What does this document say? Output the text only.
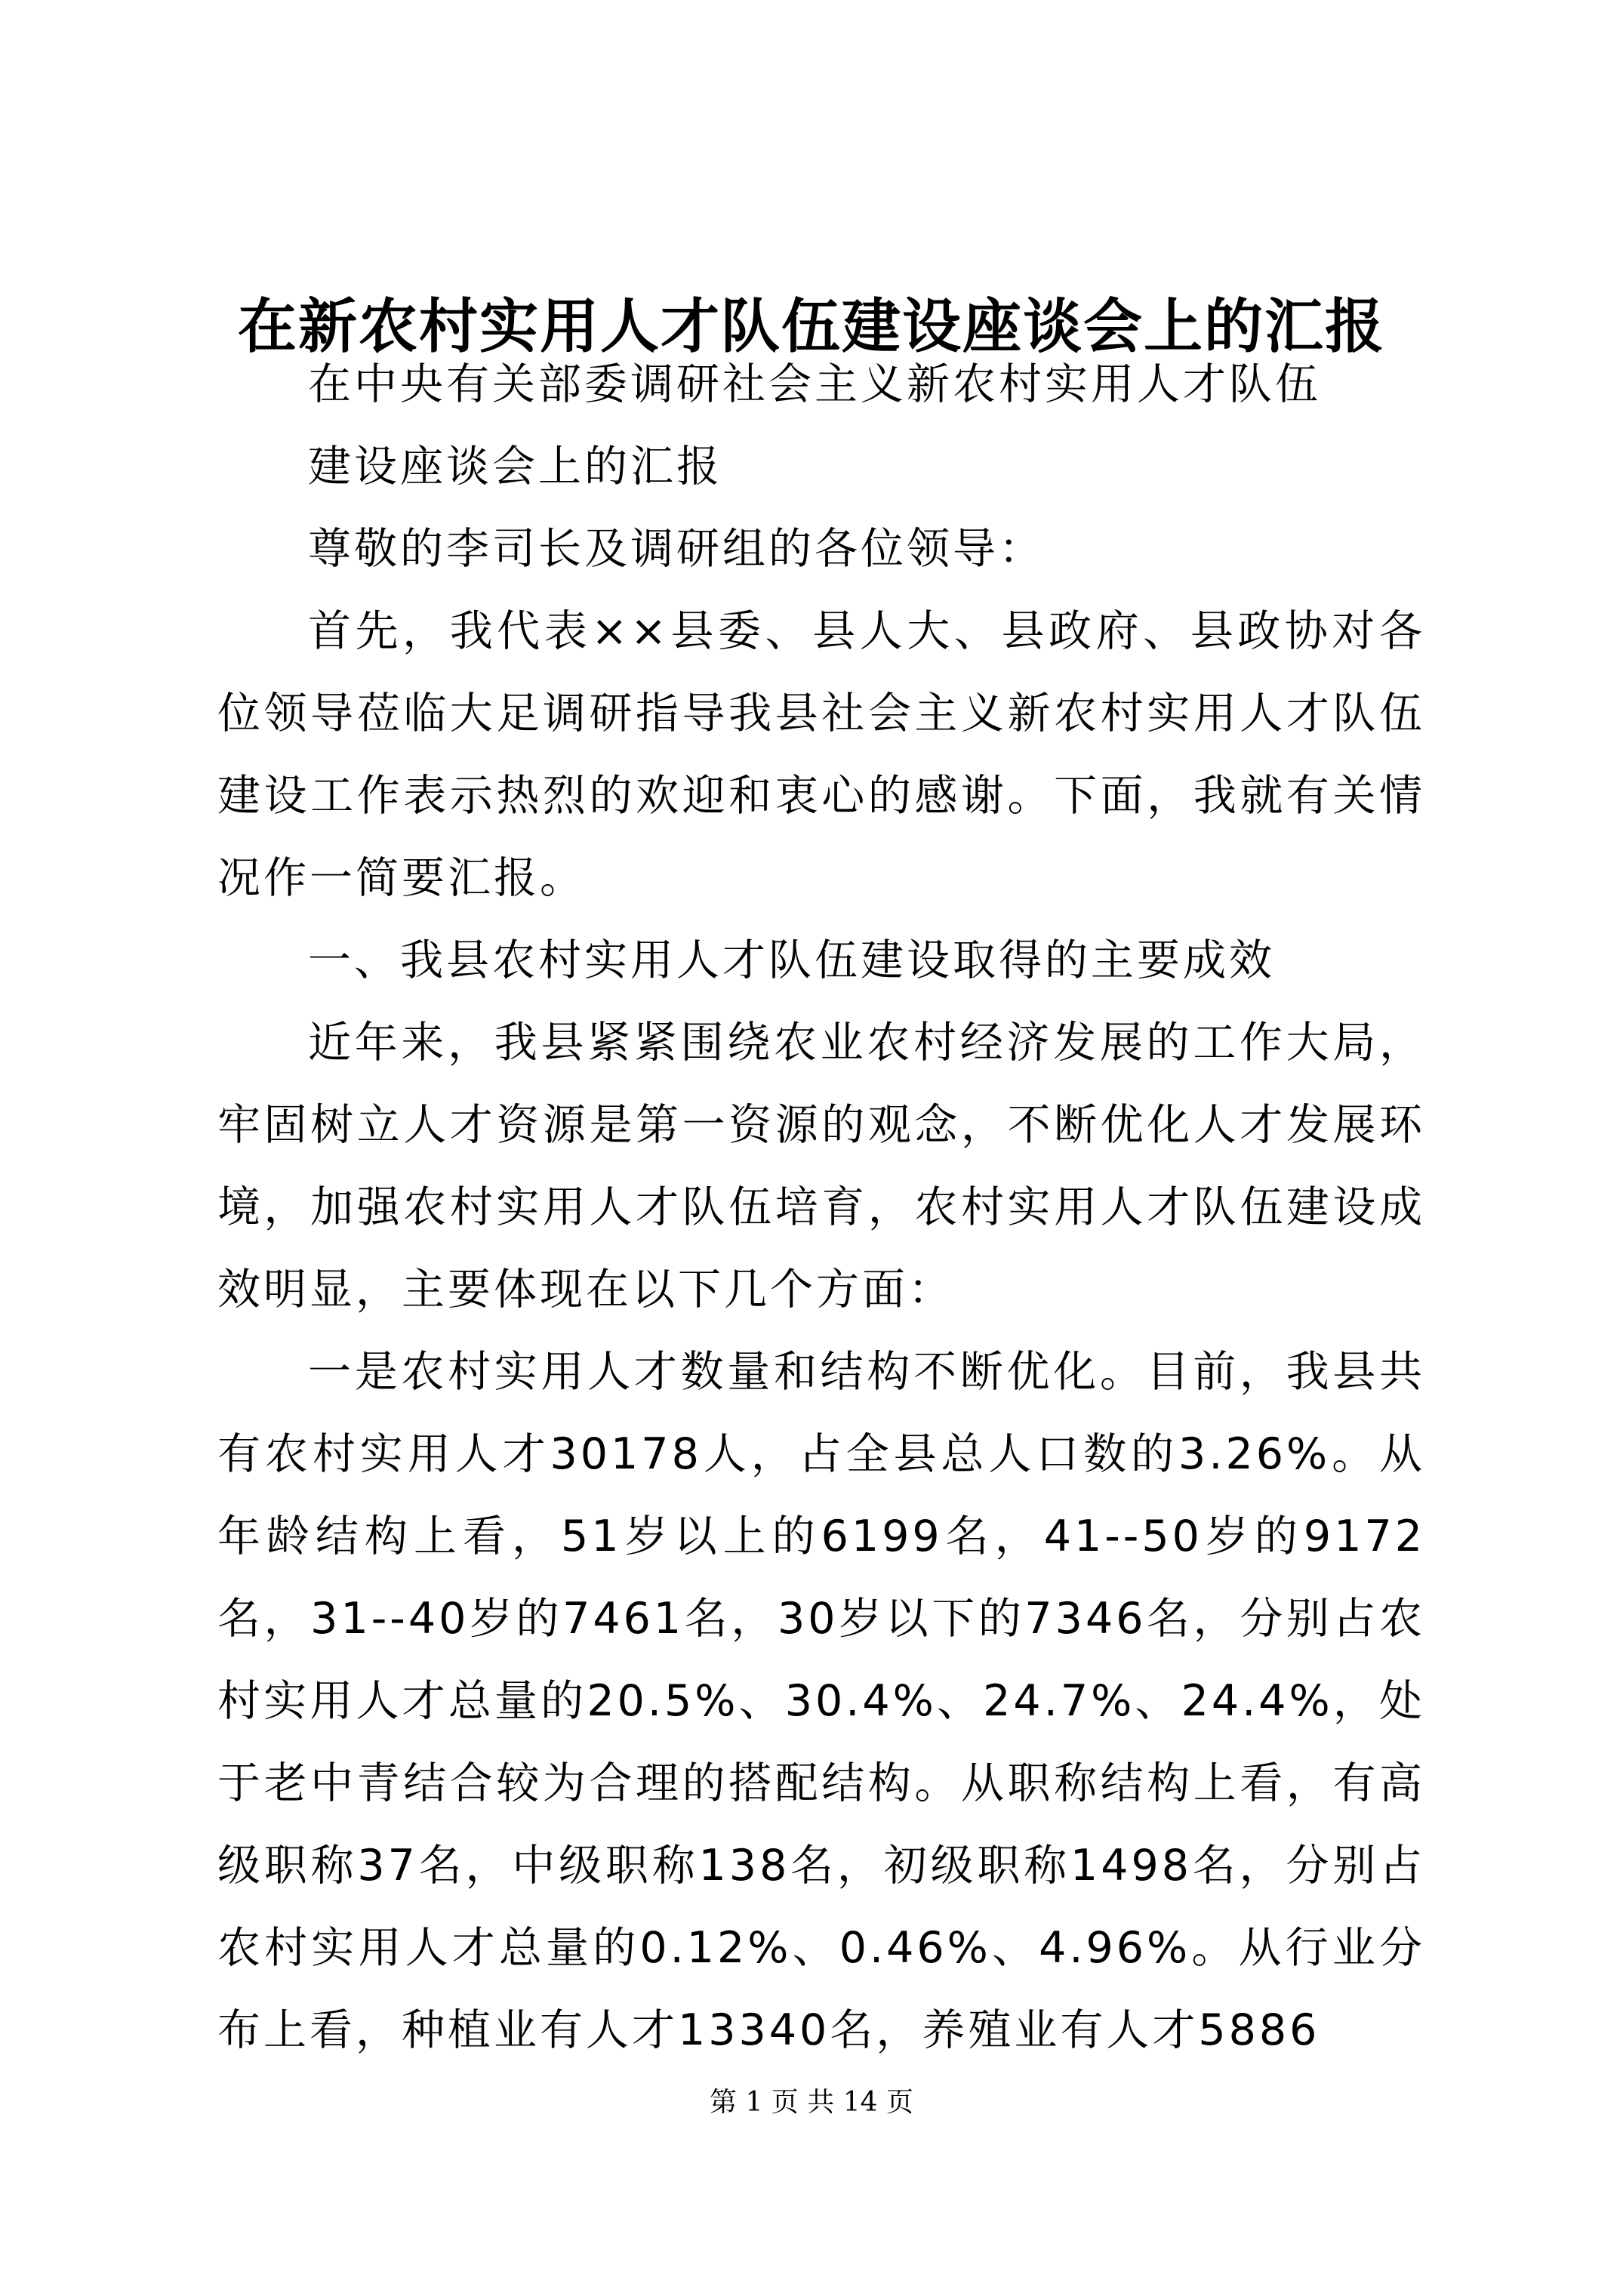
在新农村实用人才队伍建设座谈会上的汇报

在中央有关部委调研社会主义新农村实用人才队伍

建设座谈会上的汇报

尊敬的李司长及调研组的各位领导：

首先，我代表××县委、县人大、县政府、县政协对各位领导莅临大足调研指导我县社会主义新农村实用人才队伍建设工作表示热烈的欢迎和衷心的感谢。下面，我就有关情况作一简要汇报。

一、我县农村实用人才队伍建设取得的主要成效

近年来，我县紧紧围绕农业农村经济发展的工作大局，牢固树立人才资源是第一资源的观念，不断优化人才发展环境，加强农村实用人才队伍培育，农村实用人才队伍建设成效明显，主要体现在以下几个方面：

一是农村实用人才数量和结构不断优化。目前，我县共有农村实用人才30178人，占全县总人口数的3.26%。从年龄结构上看，51岁以上的6199名，41--50岁的9172名，31--40岁的7461名，30岁以下的7346名，分别占农村实用人才总量的20.5%、30.4%、24.7%、24.4%，处于老中青结合较为合理的搭配结构。从职称结构上看，有高级职称37名，中级职称138名，初级职称1498名，分别占农村实用人才总量的0.12%、0.46%、4.96%。从行业分布上看，种植业有人才13340名，养殖业有人才5886

第 1 页 共 14 页
